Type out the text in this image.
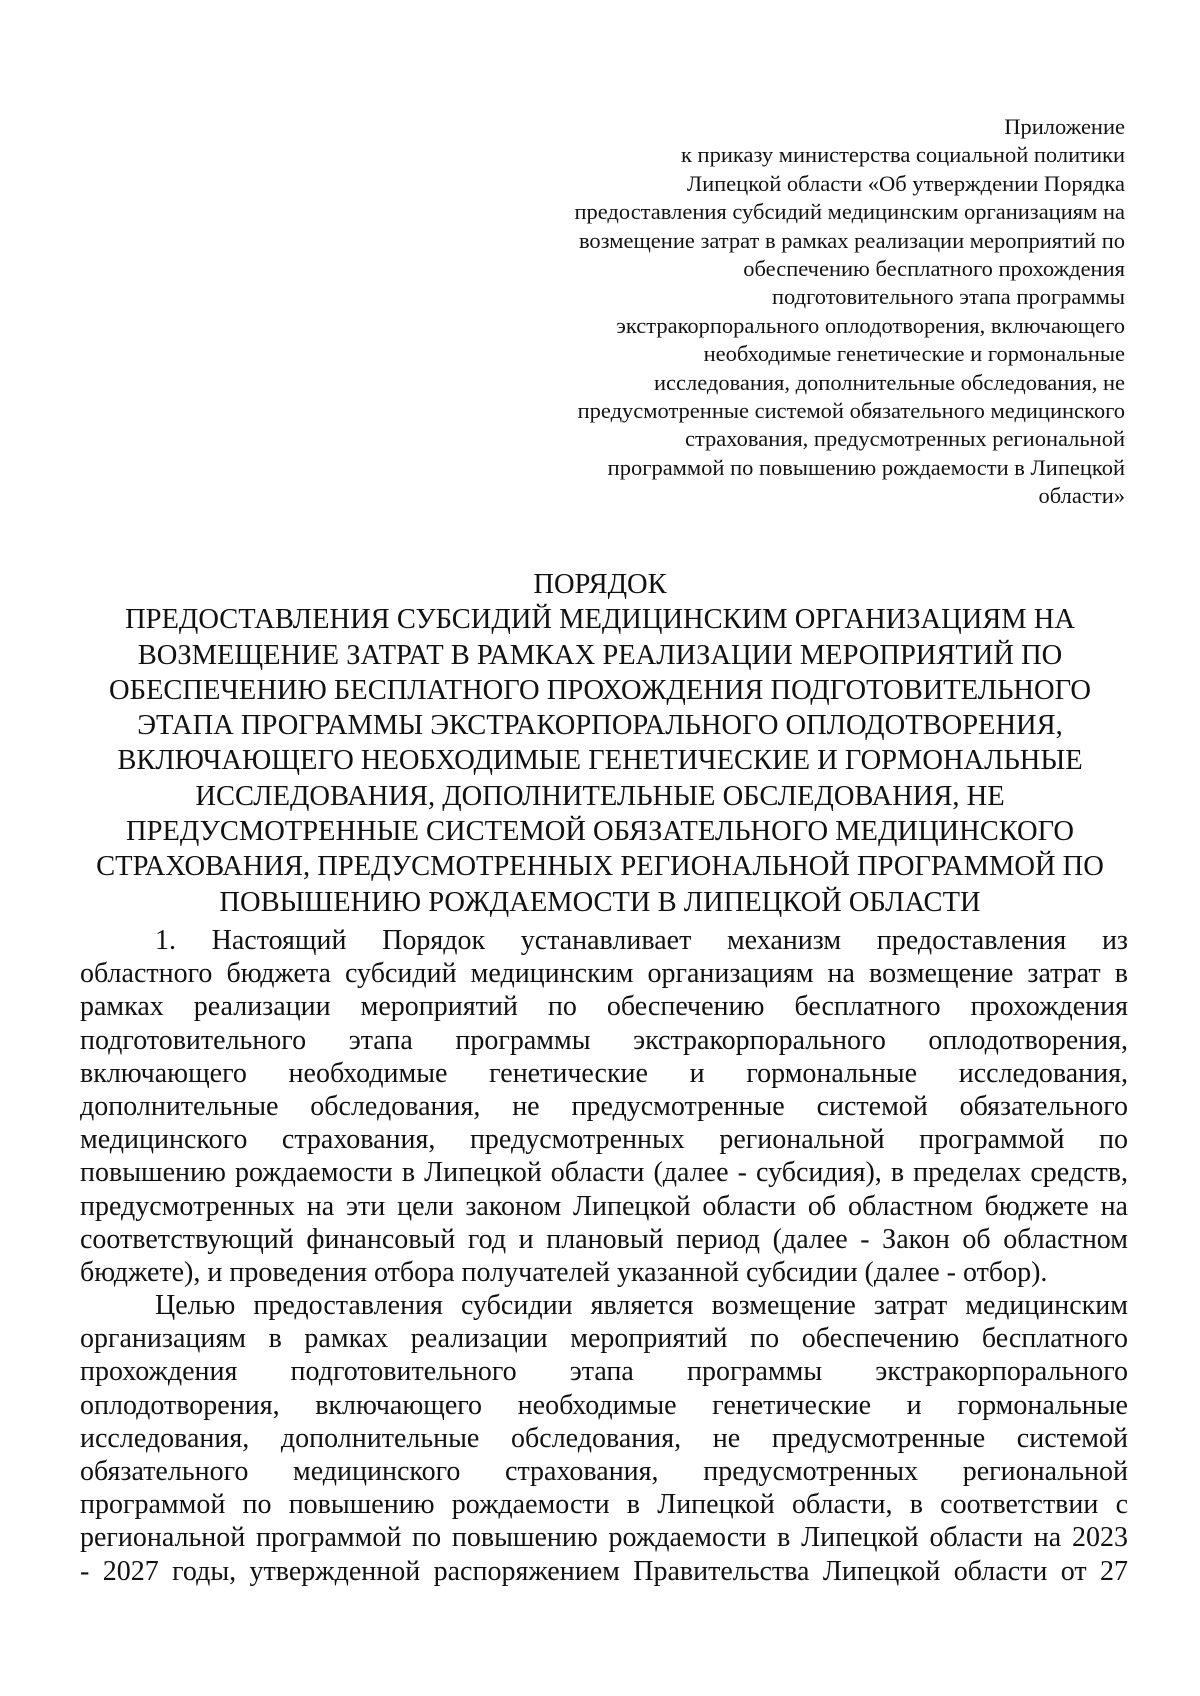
Приложение
к приказу министерства социальной политики
Липецкой области «Об утверждении Порядка
предоставления субсидий медицинским организациям на
возмещение затрат в рамках реализации мероприятий по
обеспечению бесплатного прохождения
подготовительного этапа программы
экстракорпорального оплодотворения, включающего
необходимые генетические и гормональные
исследования, дополнительные обследования, не
предусмотренные системой обязательного медицинского
страхования, предусмотренных региональной
программой по повышению рождаемости в Липецкой
области»
ПОРЯДОК
ПРЕДОСТАВЛЕНИЯ СУБСИДИЙ МЕДИЦИНСКИМ ОРГАНИЗАЦИЯМ НА
ВОЗМЕЩЕНИЕ ЗАТРАТ В РАМКАХ РЕАЛИЗАЦИИ МЕРОПРИЯТИЙ ПО
ОБЕСПЕЧЕНИЮ БЕСПЛАТНОГО ПРОХОЖДЕНИЯ ПОДГОТОВИТЕЛЬНОГО
ЭТАПА ПРОГРАММЫ ЭКСТРАКОРПОРАЛЬНОГО ОПЛОДОТВОРЕНИЯ,
ВКЛЮЧАЮЩЕГО НЕОБХОДИМЫЕ ГЕНЕТИЧЕСКИЕ И ГОРМОНАЛЬНЫЕ
ИССЛЕДОВАНИЯ, ДОПОЛНИТЕЛЬНЫЕ ОБСЛЕДОВАНИЯ, НЕ
ПРЕДУСМОТРЕННЫЕ СИСТЕМОЙ ОБЯЗАТЕЛЬНОГО МЕДИЦИНСКОГО
СТРАХОВАНИЯ, ПРЕДУСМОТРЕННЫХ РЕГИОНАЛЬНОЙ ПРОГРАММОЙ ПО
ПОВЫШЕНИЮ РОЖДАЕМОСТИ В ЛИПЕЦКОЙ ОБЛАСТИ
1. Настоящий Порядок устанавливает механизм предоставления из
областного бюджета субсидий медицинским организациям на возмещение затрат в
рамках реализации мероприятий по обеспечению бесплатного прохождения
подготовительного этапа программы экстракорпорального оплодотворения,
включающего необходимые генетические и гормональные исследования,
дополнительные обследования, не предусмотренные системой обязательного
медицинского страхования, предусмотренных региональной программой по
повышению рождаемости в Липецкой области (далее - субсидия), в пределах средств,
предусмотренных на эти цели законом Липецкой области об областном бюджете на
соответствующий финансовый год и плановый период (далее - Закон об областном
бюджете), и проведения отбора получателей указанной субсидии (далее - отбор).
Целью предоставления субсидии является возмещение затрат медицинским
организациям в рамках реализации мероприятий по обеспечению бесплатного
прохождения подготовительного этапа программы экстракорпорального
оплодотворения, включающего необходимые генетические и гормональные
исследования, дополнительные обследования, не предусмотренные системой
обязательного медицинского страхования, предусмотренных региональной
программой по повышению рождаемости в Липецкой области, в соответствии с
региональной программой по повышению рождаемости в Липецкой области на 2023
- 2027 годы, утвержденной распоряжением Правительства Липецкой области от 27
